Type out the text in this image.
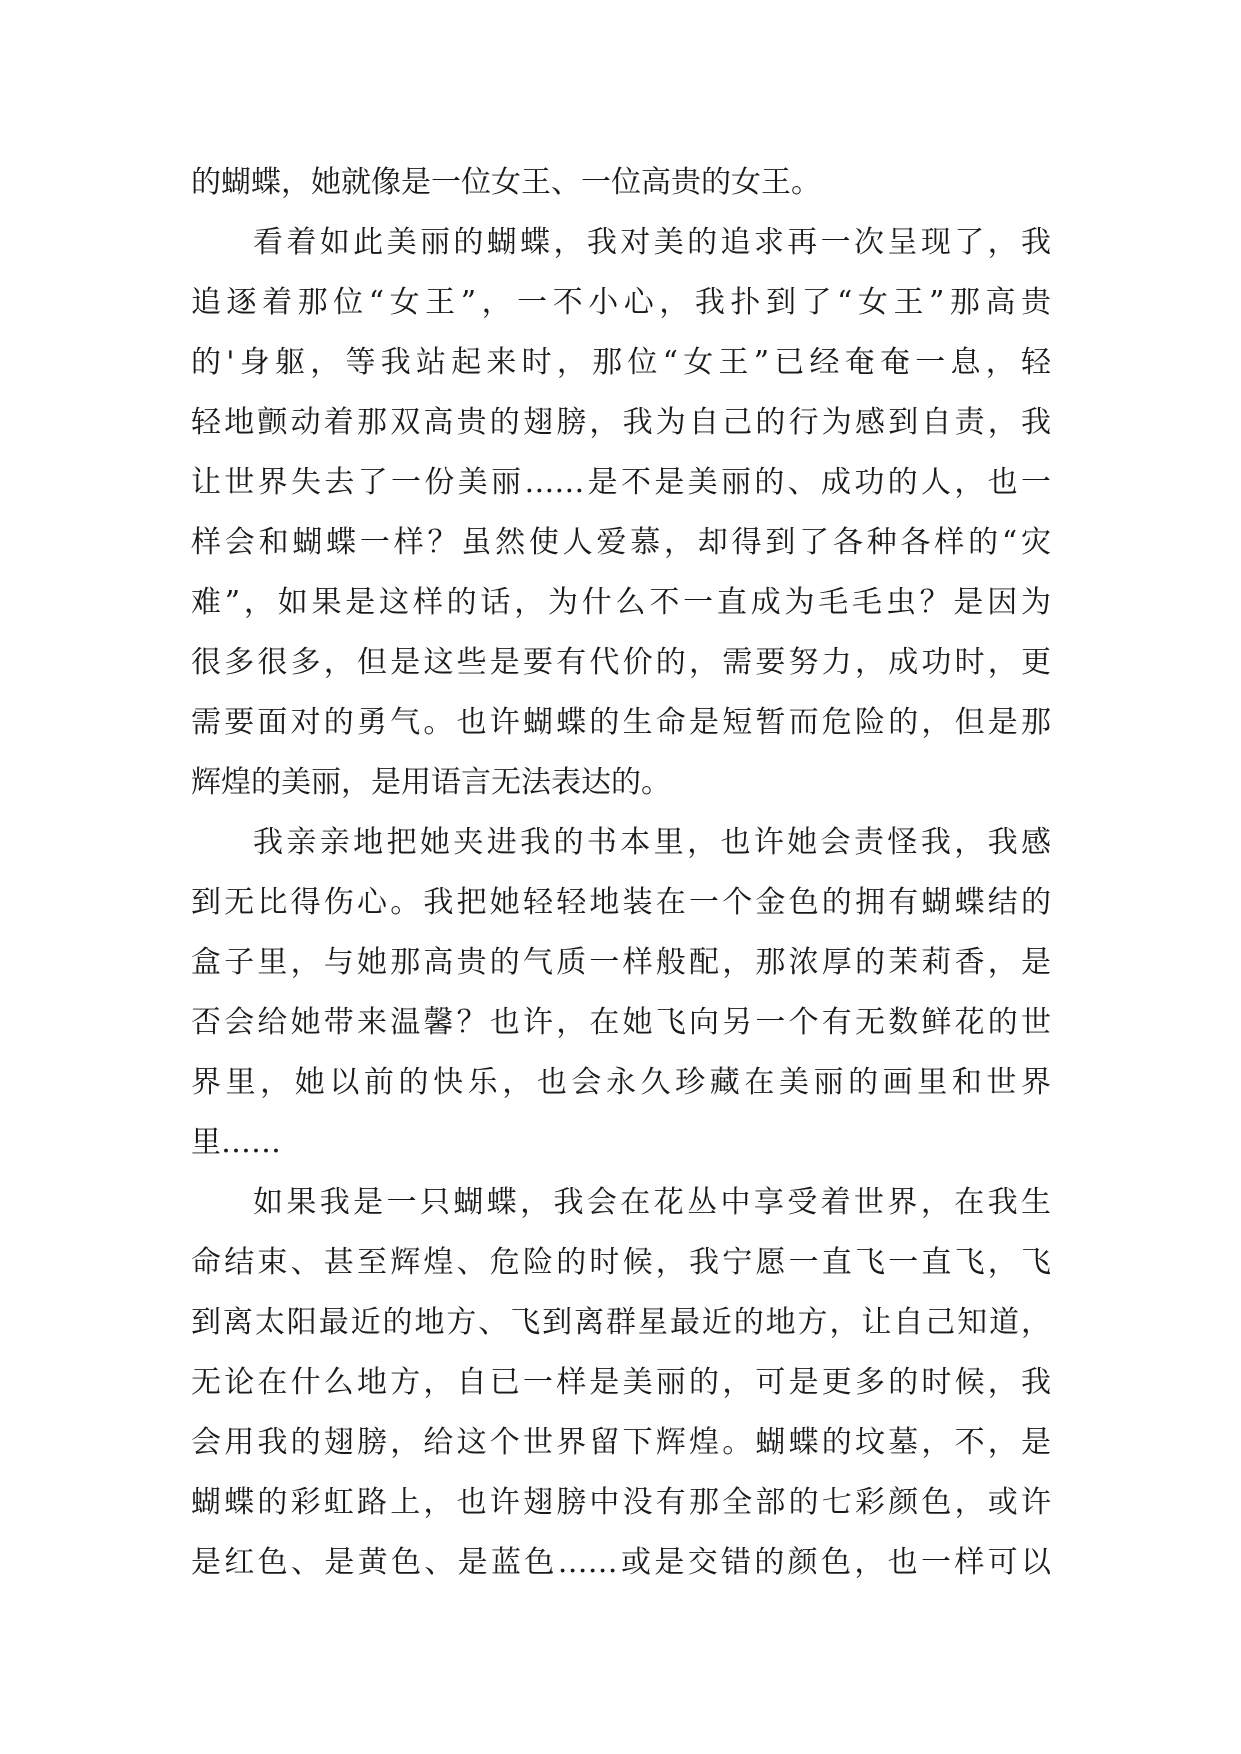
的蝴蝶，她就像是一位女王、一位高贵的女王。
看着如此美丽的蝴蝶，我对美的追求再一次呈现了，我
追逐着那位“女王”，一不小心，我扑到了“女王”那高贵
的'身躯，等我站起来时，那位“女王”已经奄奄一息，轻
轻地颤动着那双高贵的翅膀，我为自己的行为感到自责，我
让世界失去了一份美丽……是不是美丽的、成功的人，也一
样会和蝴蝶一样？虽然使人爱慕，却得到了各种各样的“灾
难”，如果是这样的话，为什么不一直成为毛毛虫？是因为
很多很多，但是这些是要有代价的，需要努力，成功时，更
需要面对的勇气。也许蝴蝶的生命是短暂而危险的，但是那
辉煌的美丽，是用语言无法表达的。
我亲亲地把她夹进我的书本里，也许她会责怪我，我感
到无比得伤心。我把她轻轻地装在一个金色的拥有蝴蝶结的
盒子里，与她那高贵的气质一样般配，那浓厚的茉莉香，是
否会给她带来温馨？也许，在她飞向另一个有无数鲜花的世
界里，她以前的快乐，也会永久珍藏在美丽的画里和世界
里……
如果我是一只蝴蝶，我会在花丛中享受着世界，在我生
命结束、甚至辉煌、危险的时候，我宁愿一直飞一直飞，飞
到离太阳最近的地方、飞到离群星最近的地方，让自己知道，
无论在什么地方，自已一样是美丽的，可是更多的时候，我
会用我的翅膀，给这个世界留下辉煌。蝴蝶的坟墓，不，是
蝴蝶的彩虹路上，也许翅膀中没有那全部的七彩颜色，或许
是红色、是黄色、是蓝色……或是交错的颜色，也一样可以
